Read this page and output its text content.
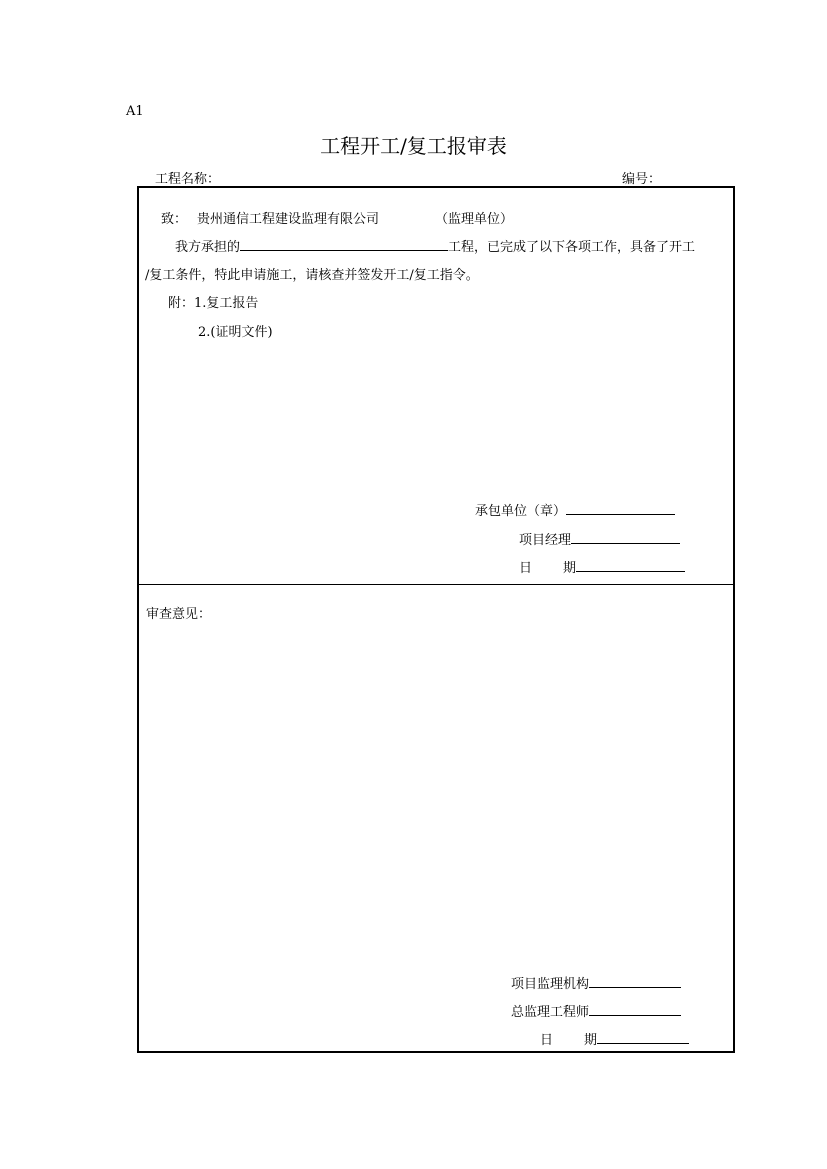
A1
工程开工/复工报审表
工程名称：	编号：
致： 贵州通信工程建设监理有限公司	（监理单位）
我方承担的	工程，已完成了以下各项工作，具备了开工
/复工条件，特此申请施工，请核查并签发开工/复工指令。
附：1.复工报告
2.(证明文件)
承包单位（章）
项目经理
日 期
审查意见：
项目监理机构
总监理工程师
日 期
